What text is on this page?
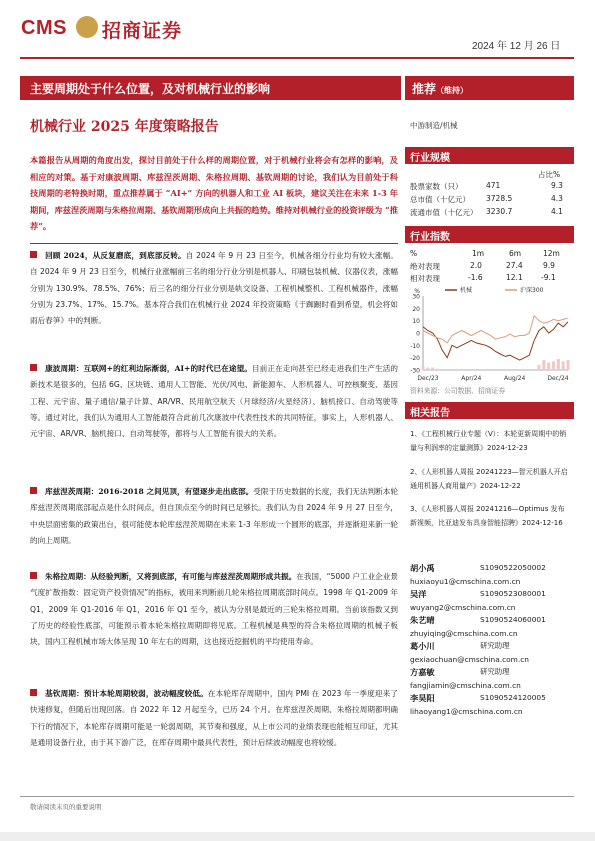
CMS 招商证券
2024 年 12 月 26 日
主要周期处于什么位置，及对机械行业的影响	推荐（维持）
机械行业 2025 年度策略报告	中游制造/机械
本篇报告从周期的角度出发，探讨目前处于什么样的周期位置，对于机械行业将会有怎样的影响，及相应的对策。基于对康波周期、库兹涅茨周期、朱格拉周期、基钦周期的讨论，我们认为目前处于科技周期的老特换时期，重点推荐属于 “AI+” 方向的机器人和工业 AI 板块，建议关注在未来 1-3 年期间，库兹涅茨周期与朱格拉周期、基钦周期形成向上共振的趋势。维持对机械行业的投资评级为 “推荐”。
回顾 2024，从反复磨底，到底部反转。自 2024 年 9 月 23 日至今，机械各细分行业均有较大涨幅。自 2024 年 9 月 23 日至今，机械行业涨幅前三名的细分行业分别是机器人、印刷包装机械、仪器仪表，涨幅分别为 130.9%、78.5%、76%；后三名的细分行业分别是轨交设备、工程机械整机、工程机械器件，涨幅分别为 23.7%、17%、15.7%。基本符合我们在机械行业 2024 年投资策略《于踟蹰时看到希望，机会将如雨后春笋》中的判断。
康波周期：互联网+的红利边际渐弱，AI+的时代已在途望。目前正在走向甚至已经走进我们生产生活的新技术是很多的，包括 6G、区块链、通用人工智能、光伏/风电、新能源车、人形机器人、可控核聚变、基因工程、元宇宙、量子通信/量子计算、AR/VR、民用航空航天（月球经济/火星经济）、脑机接口、自动驾驶等等。通过对比，我们认为通用人工智能最符合此前几次康波中代表性技术的共同特征，事实上，人形机器人、元宇宙、AR/VR、脑机接口、自动驾驶等，都将与人工智能有很大的关系。
库兹涅茨周期：2016-2018 之间见顶，有望逐步走出底部。受限于历史数据的长度，我们无法判断本轮库兹涅茨周期底部起点是什么时间点，但自顶点至今的时间已足够长。我们认为自 2024 年 9 月 27 日至今，中央层面密集的政策出台，很可能使本轮库兹涅茨周期在未来 1-3 年形成一个圆形的底部，并逐渐迎来新一轮的向上周期。
朱格拉周期：从经验判断，又将到底部，有可能与库兹涅茨周期形成共振。在我国，“5000 户工业企业景气度扩散指数：固定资产投资情况”的指标，被用来判断前几轮朱格拉周期底部时间点。1998 年 Q1-2009 年 Q1，2009 年 Q1-2016 年 Q1，2016 年 Q1 至今，被认为分别是最近的三轮朱格拉周期。当前该指数又到了历史的经验性底部，可能预示着本轮朱格拉周期即将见底。工程机械是典型的符合朱格拉周期的机械子板块，国内工程机械市场大体呈现 10 年左右的周期，这也接近挖掘机的平均使用寿命。
基钦周期：预计本轮周期较弱，波动幅度较低。在本轮库存周期中，国内 PMI 在 2023 年一季度迎来了快速修复，但随后出现回落。自 2022 年 12 月起至今，已历 24 个月。在库兹涅茨周期、朱格拉周期都明确下行的情况下，本轮库存周期可能是一轮弱周期，其节奏和强度，从上市公司的业绩表现也能相互印证，尤其是通用设备行业，由于其下游广泛，在库存周期中最具代表性，预计后续波动幅度也将较缓。
行业规模
占比%
股票家数（只）	471	9.3
总市值（十亿元） 3728.5	4.3
流通市值（十亿元） 3230.7	4.1
行业指数
%	1m	6m	12m
绝对表现	2.0	27.4	9.9
相对表现	-1.6	12.1 -9.1
%
30
20
10
0
-10
-20
-30
机械	沪深300
Dec/23	Apr/24	Aug/24	Dec/24
资料来源：公司数据、招商证券
相关报告
1、《工程机械行业专题（Ⅴ）：本轮更新周期中的销量与利润率的定量测算》2024-12-23
2、《人形机器人周报 20241223—智元机器人开启通用机器人商用量产》2024-12-22
3、《人形机器人周报 20241216—Optimus 发布新视频，比亚迪发布具身智能招聘》2024-12-16
胡小禹	S1090522050002

huxiaoyu1@cmschina.com.cn
吴洋	S1090523080001

wuyang2@cmschina.com.cn
朱艺晴	S1090524060001

zhuyiqing@cmschina.com.cn
葛小川	研究助理

gexiaochuan@cmschina.com.cn
方嘉敏	研究助理

fangjiamin@cmschina.com.cn
李昊阳	S1090524120005

lihaoyang1@cmschina.com.cn
敬请阅读末页的重要说明
